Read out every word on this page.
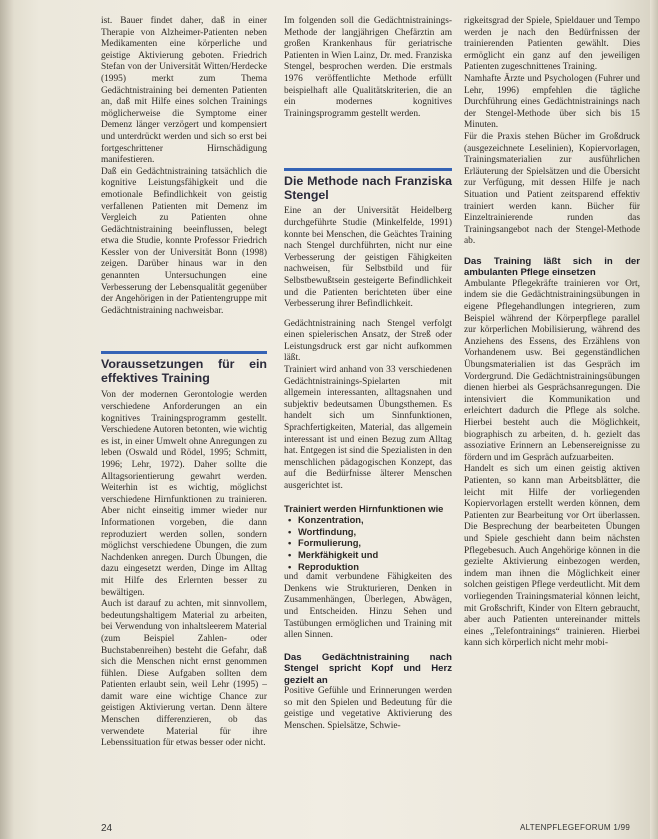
ist. Bauer findet daher, daß in einer Therapie von Alzheimer-Patienten neben Medikamenten eine körperliche und geistige Aktivierung geboten. Friedrich Stefan von der Universität Witten/Herdecke (1995) merkt zum Thema Gedächtnistraining bei dementen Patienten an, daß mit Hilfe eines solchen Trainings möglicherweise die Symptome einer Demenz länger verzögert und kompensiert und unterdrückt werden und sich so erst bei fortgeschrittener Hirnschädigung manifestieren.

Daß ein Gedächtnistraining tatsächlich die kognitive Leistungsfähigkeit und die emotionale Befindlichkeit von geistig verfallenen Patienten mit Demenz im Vergleich zu Patienten ohne Gedächtnistraining beeinflussen, belegt etwa die Studie, konnte Professor Friedrich Kessler von der Universität Bonn (1998) zeigen. Darüber hinaus war in den genannten Untersuchungen eine Verbesserung der Lebensqualität gegenüber der Angehörigen in der Patientengruppe mit Gedächtnistraining nachweisbar.

Voraussetzungen für ein effektives Training

Von der modernen Gerontologie werden verschiedene Anforderungen an ein kognitives Trainingsprogramm gestellt. Verschiedene Autoren betonten, wie wichtig es ist, in einer Umwelt ohne Anregungen zu leben (Oswald und Rödel, 1995; Schmitt, 1996; Lehr, 1972). Daher sollte die Alltagsorientierung gewahrt werden. Weiterhin ist es wichtig, möglichst verschiedene Hirnfunktionen zu trainieren. Aber nicht einseitig immer wieder nur Informationen vorgeben, die dann reproduziert werden sollen, sondern möglichst verschiedene Übungen, die zum Nachdenken anregen. Durch Übungen, die dazu eingesetzt werden, Dinge im Alltag mit Hilfe des Erlernten besser zu bewältigen.

Auch ist darauf zu achten, mit sinnvollem, bedeutungshaltigem Material zu arbeiten, bei Verwendung von inhaltsleerem Material (zum Beispiel Zahlen- oder Buchstabenreihen) besteht die Gefahr, daß sich die Menschen nicht ernst genommen fühlen. Diese Aufgaben sollten dem Patienten erlaubt sein, weil Lehr (1995) – damit ware eine wichtige Chance zur geistigen Aktivierung vertan. Denn ältere Menschen differenzieren, ob das verwendete Material für ihre Lebenssituation für etwas besser oder nicht.

Im folgenden soll die Gedächtnistrainings-Methode der langjährigen Chefärztin am großen Krankenhaus für geriatrische Patienten in Wien Lainz, Dr. med. Franziska Stengel, besprochen werden. Die erstmals 1976 veröffentlichte Methode erfüllt beispielhaft alle Qualitätskriterien, die an ein modernes kognitives Trainingsprogramm gestellt werden.

Die Methode nach Franziska Stengel

Eine an der Universität Heidelberg durchgeführte Studie (Minkelfelde, 1991) konnte bei Menschen, die Geächtes Training nach Stengel durchführten, nicht nur eine Verbesserung der geistigen Fähigkeiten nachweisen, für Selbstbild und für Selbstbewußtsein gesteigerte Befindlichkeit und die Patienten berichteten über eine Verbesserung ihrer Befindlichkeit.

Gedächtnistraining nach Stengel verfolgt einen spielerischen Ansatz, der Streß oder Leistungsdruck erst gar nicht aufkommen läßt.

Trainiert wird anhand von 33 verschiedenen Gedächtnistrainings-Spielarten mit allgemein interessanten, alltagsnahen und subjektiv bedeutsamen Übungsthemen. Es handelt sich um Sinnfunktionen, Sprachfertigkeiten, Material, das allgemein interessant ist und einen Bezug zum Alltag hat. Entgegen ist sind die Spezialisten in den menschlichen pädagogischen Konzept, das auf die Bedürfnisse älterer Menschen ausgerichtet ist.

Trainiert werden Hirnfunktionen wie
• Konzentration,
• Wortfindung,
• Formulierung,
• Merkfähigkeit und
• Reproduktion

und damit verbundene Fähigkeiten des Denkens wie Strukturieren, Denken in Zusammenhängen, Überlegen, Abwägen, und Entscheiden. Hinzu Sehen und Tastübungen ermöglichen und Training mit allen Sinnen.

Das Gedächtnistraining nach Stengel spricht Kopf und Herz gezielt an

Positive Gefühle und Erinnerungen werden so mit den Spielen und Bedeutung für die geistige und vegetative Aktivierung des Menschen. Spielsätze, Schwie-

rigkeitsgrad der Spiele, Spieldauer und Tempo werden je nach den Bedürfnissen der trainierenden Patienten gewählt. Dies ermöglicht ein ganz auf den jeweiligen Patienten zugeschnittenes Training.

Namhafte Ärzte und Psychologen (Fuhrer und Lehr, 1996) empfehlen die tägliche Durchführung eines Gedächtnistrainings nach der Stengel-Methode über sich bis 15 Minuten.

Für die Praxis stehen Bücher im Großdruck (ausgezeichnete Leselinien), Kopiervorlagen, Trainingsmaterialien zur ausführlichen Erläuterung der Spielsätzen und die Übersicht zur Verfügung, mit dessen Hilfe je nach Situation und Patient zeitsparend effektiv trainiert werden kann. Bücher für Einzeltrainierende runden das Trainingsangebot nach der Stengel-Methode ab.

Das Training läßt sich in der ambulanten Pflege einsetzen

Ambulante Pflegekräfte trainieren vor Ort, indem sie die Gedächtnistrainingsübungen in eigene Pflegehandlungen integrieren, zum Beispiel während der Körperpflege parallel zur körperlichen Mobilisierung, während des Anziehens des Essens, des Erzählens von Vorhandenem usw. Bei gegenständlichen Übungsmaterialien ist das Gespräch im Vordergrund. Die Gedächtnistrainingsübungen dienen hierbei als Gesprächsanregungen. Die intensiviert die Kommunikation und erleichtert dadurch die Pflege als solche. Hierbei besteht auch die Möglichkeit, biographisch zu arbeiten, d. h. gezielt das assoziative Erinnern an Lebensereignisse zu fördern und im Gespräch aufzuarbeiten.

Handelt es sich um einen geistig aktiven Patienten, so kann man Arbeitsblätter, die leicht mit Hilfe der vorliegenden Kopiervorlagen erstellt werden können, dem Patienten zur Bearbeitung vor Ort überlassen. Die Besprechung der bearbeiteten Übungen und Spiele geschieht dann beim nächsten Pflegebesuch. Auch Angehörige können in die gezielte Aktivierung einbezogen werden, indem man ihnen die Möglichkeit einer solchen geistigen Pflege verdeutlicht. Mit dem vorliegenden Trainingsmaterial können leicht, mit Großschrift, Kinder von Eltern gebraucht, aber auch Patienten untereinander mittels eines „Telefontrainings“ trainieren. Hierbei kann sich körperlich nicht mehr mobi-

24	ALTENPFLEGEFORUM 1/99
